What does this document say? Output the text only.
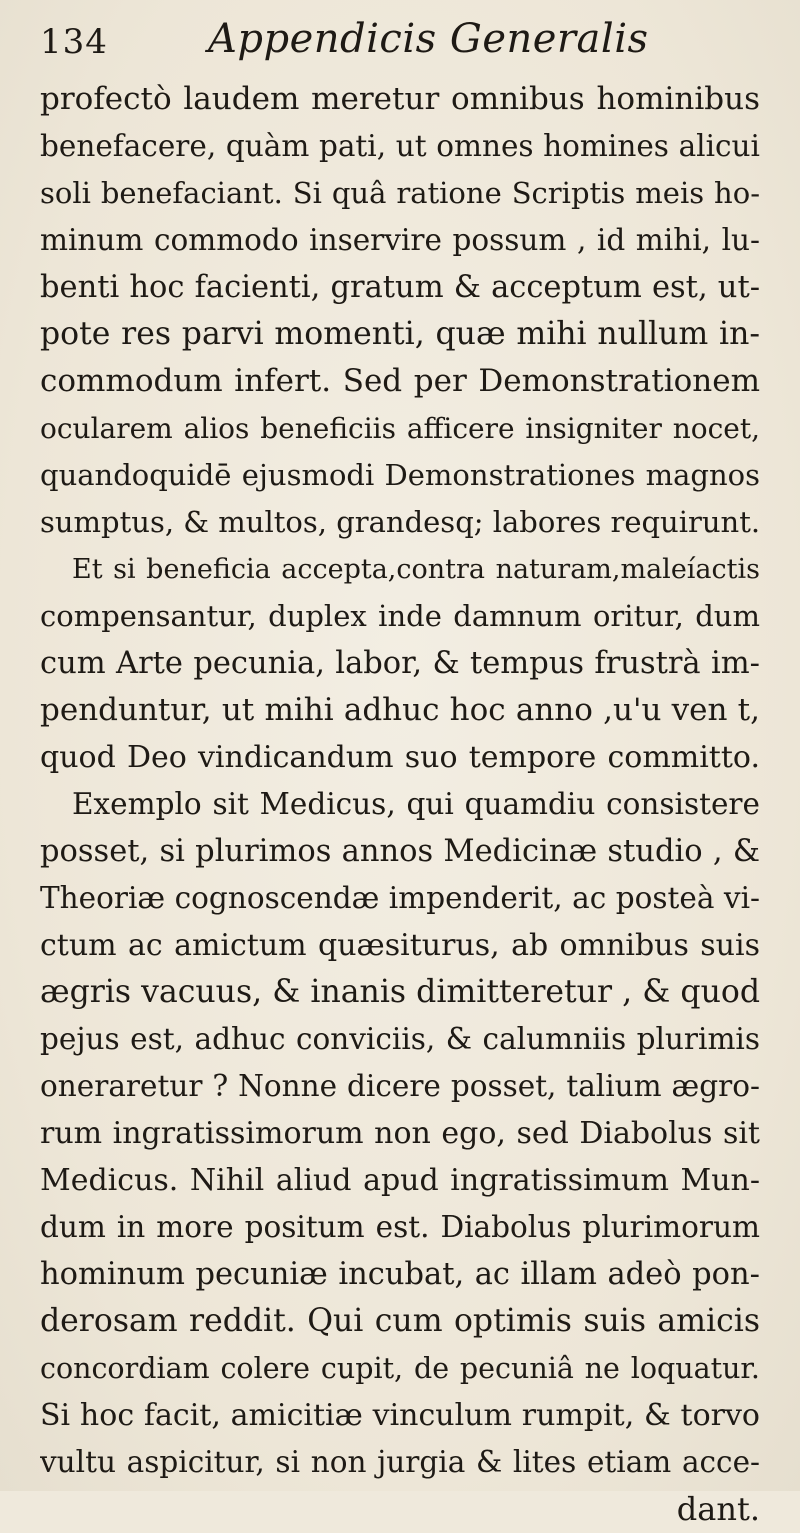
134	Appendicis Generalis
profectò laudem meretur omnibus hominibus
benefacere, quàm pati, ut omnes homines alicui
soli benefaciant. Si quâ ratione Scriptis meis ho-
minum commodo inservire possum , id mihi, lu-
benti hoc facienti, gratum & acceptum est, ut-
pote res parvi momenti, quæ mihi nullum in-
commodum infert. Sed per Demonstrationem
ocularem alios beneficiis afficere insigniter nocet,
quandoquidē ejusmodi Demonstrationes magnos
sumptus, & multos, grandesq; labores requirunt.
Et si beneficia accepta,contra naturam,maleíactis
compensantur, duplex inde damnum oritur, dum
cum Arte pecunia, labor, & tempus frustrà im-
penduntur, ut mihi adhuc hoc anno ,u'u ven t,
quod Deo vindicandum suo tempore committo.
Exemplo sit Medicus, qui quamdiu consistere
posset, si plurimos annos Medicinæ studio , &
Theoriæ cognoscendæ impenderit, ac posteà vi-
ctum ac amictum quæsiturus, ab omnibus suis
ægris vacuus, & inanis dimitteretur , & quod
pejus est, adhuc conviciis, & calumniis plurimis
oneraretur ? Nonne dicere posset, talium ægro-
rum ingratissimorum non ego, sed Diabolus sit
Medicus. Nihil aliud apud ingratissimum Mun-
dum in more positum est. Diabolus plurimorum
hominum pecuniæ incubat, ac illam adeò pon-
derosam reddit. Qui cum optimis suis amicis
concordiam colere cupit, de pecuniâ ne loquatur.
Si hoc facit, amicitiæ vinculum rumpit, & torvo
vultu aspicitur, si non jurgia & lites etiam acce-
dant.
